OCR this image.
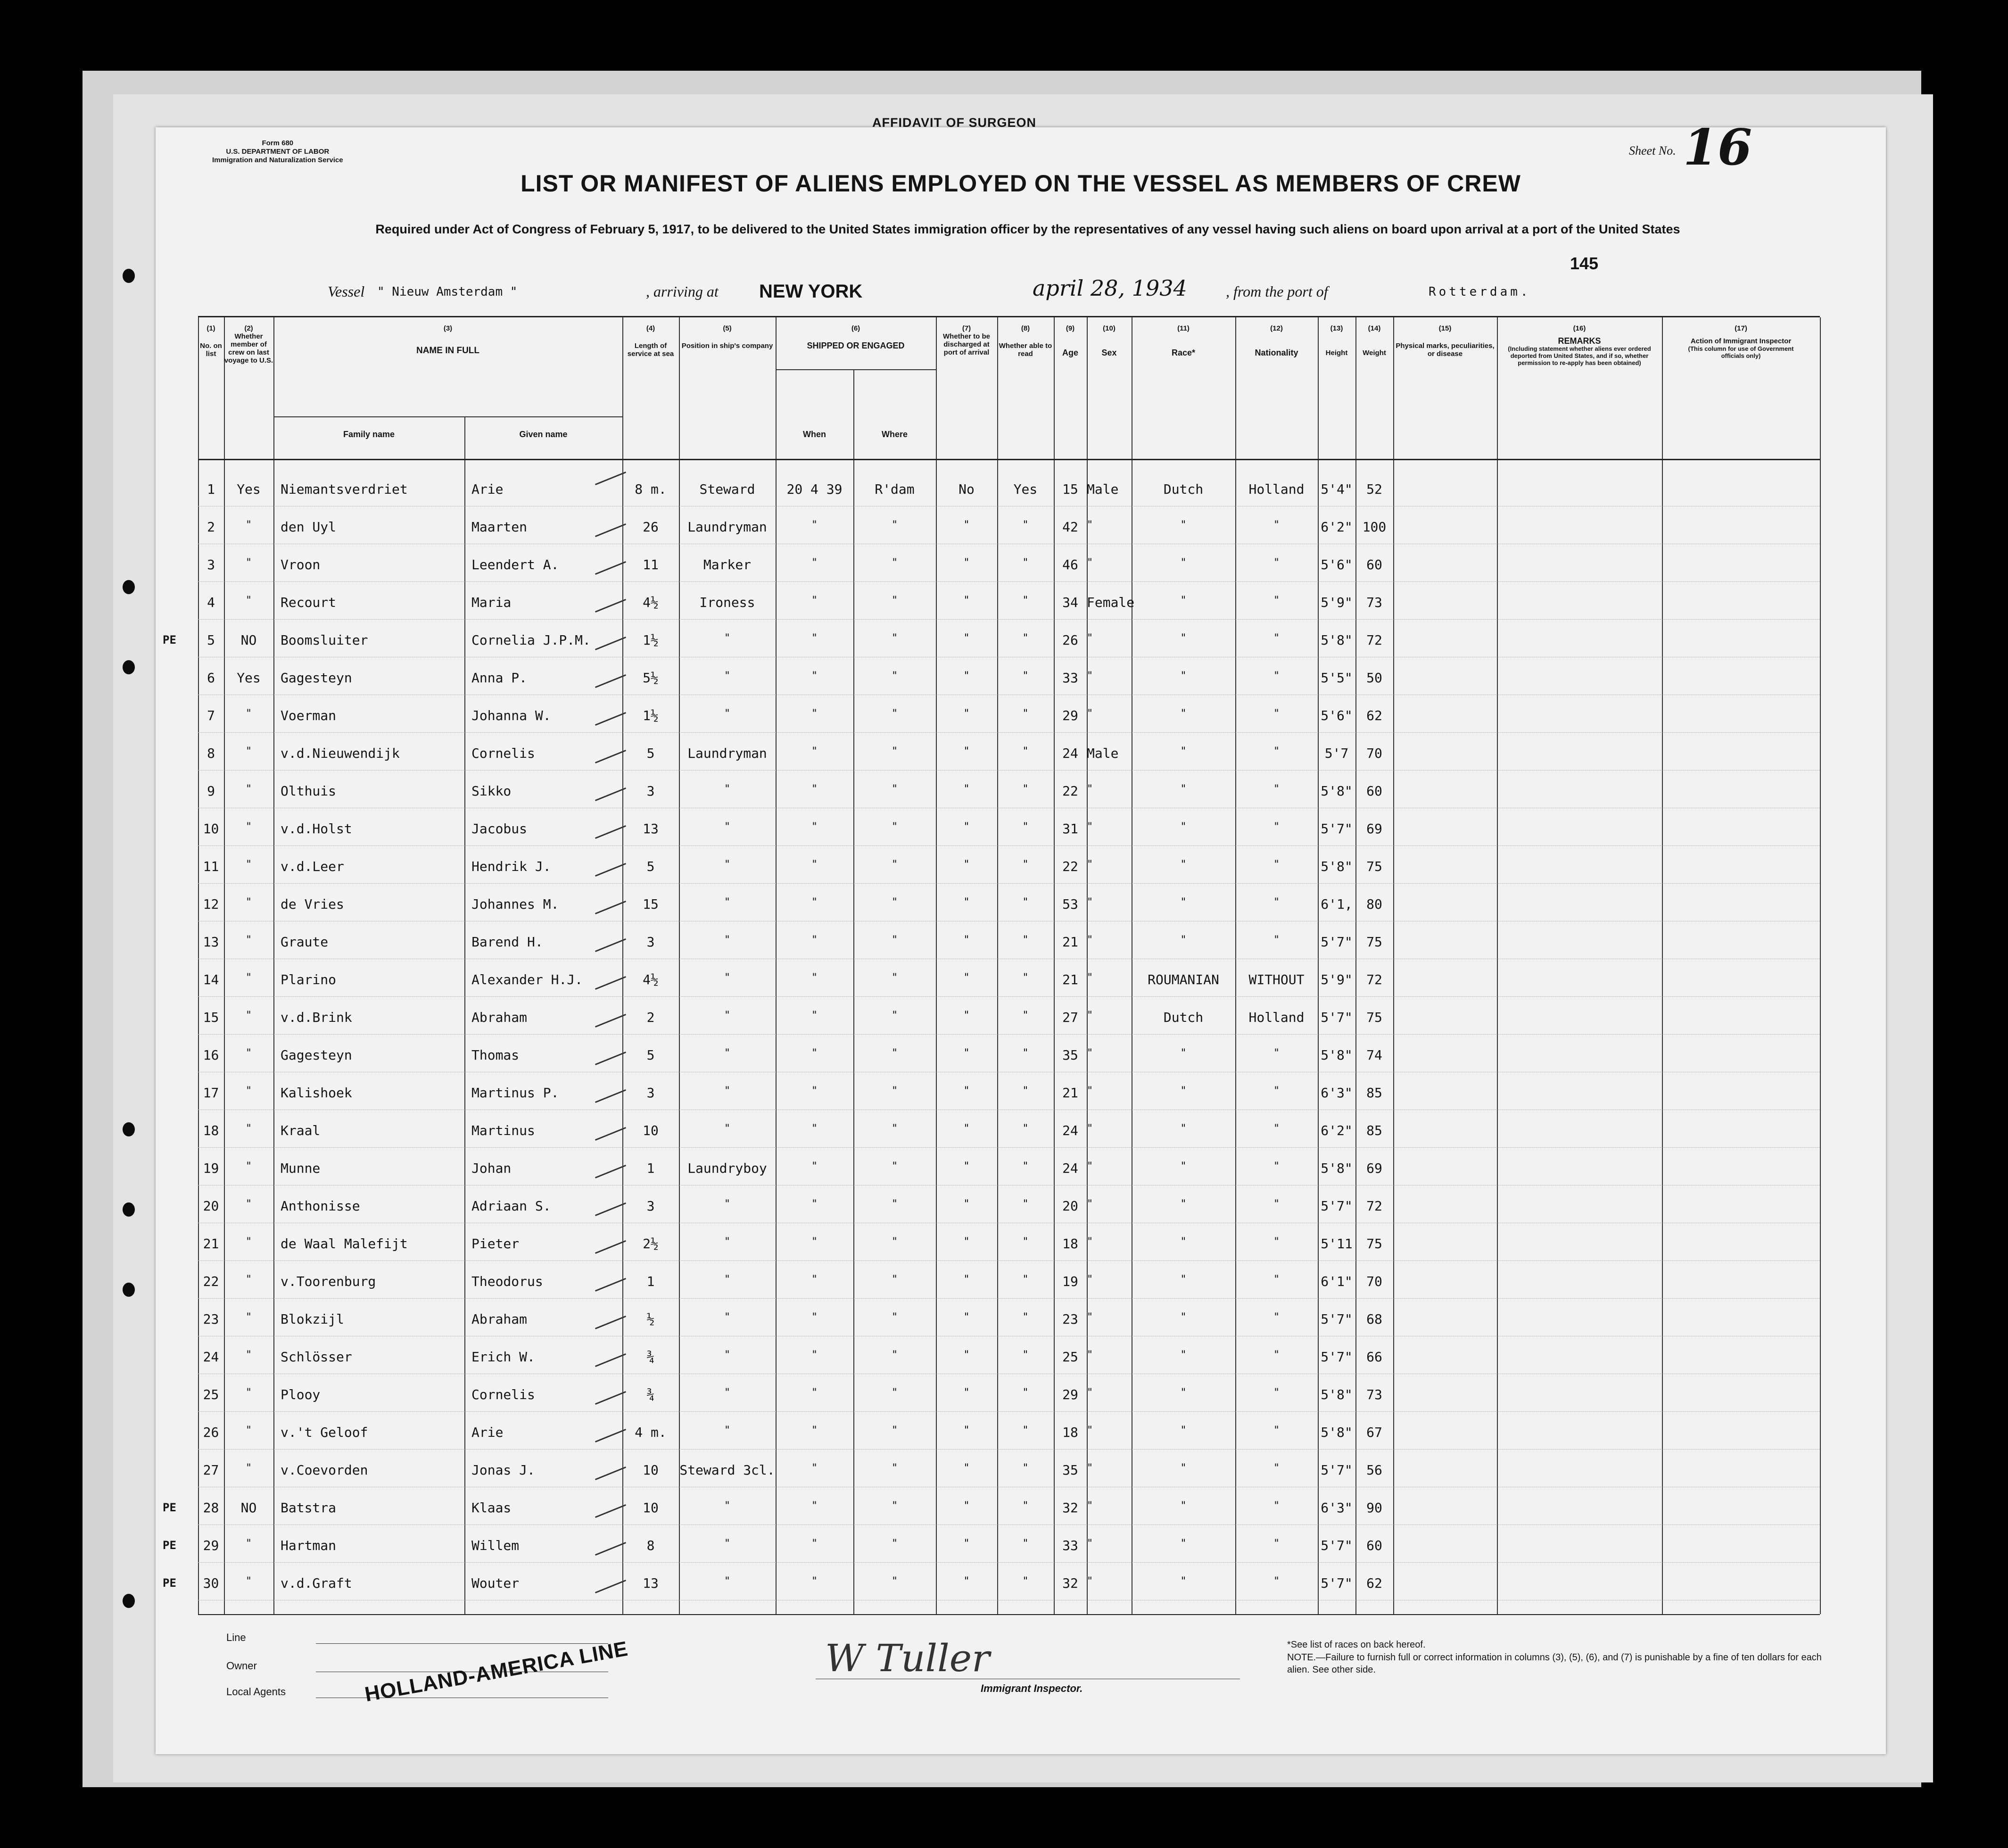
AFFIDAVIT OF SURGEON
Form 680
U.S. DEPARTMENT OF LABOR
Immigration and Naturalization Service
Sheet No. 16
LIST OR MANIFEST OF ALIENS EMPLOYED ON THE VESSEL AS MEMBERS OF CREW
Required under Act of Congress of February 5, 1917, to be delivered to the United States immigration officer by the representatives of any vessel having such aliens on board upon arrival at a port of the United States
145
Vessel " Nieuw Amsterdam "	, arriving at NEW YORK	april 28, 1934	, from the port of	Rotterdam.
(1)
No. on list
(2)
Whether member of crew on last voyage to U.S.
(3)
NAME IN FULL
Family name	Given name
(4)
Length of service at sea
(5)
Position in ship's company
(6)
SHIPPED OR ENGAGED
When	Where
(7)
Whether to be discharged at port of arrival
(8)
Whether able to read
(9)
Age
(10)
Sex
(11)
Race*
(12)
Nationality
(13)
Height
(14)
Weight
(15)
Physical marks, peculiarities, or disease
(16)
REMARKS
(Including statement whether aliens ever ordered deported from United States, and if so, whether permission to re-apply has been obtained)
(17)
Action of Immigrant Inspector
(This column for use of Government officials only)
1	Yes	Niemantsverdriet	Arie	8 m.	Steward	20 4 39	R'dam	No	Yes	15 Male	Dutch	Holland	5'4"	52
2	"	den Uyl	Maarten	26	Laundryman	"	"	"	"	42 "	"	"	6'2" 100
3	"	Vroon	Leendert A.	11	Marker	"	"	"	"	46 "	"	"	5'6"	60
4	"	Recourt	Maria	4½	Ironess	"	"	"	"	34 Female	"	"	5'9"	73
5	NO	Boomsluiter	Cornelia J.P.M.	1½	"	"	"	"	"	26 "	"	"	5'8"	72
PE
6	Yes	Gagesteyn	Anna P.	5½	"	"	"	"	"	33 "	"	"	5'5"	50
7	"	Voerman	Johanna W.	1½	"	"	"	"	"	29 "	"	"	5'6"	62
8	"	v.d.Nieuwendijk	Cornelis	5	Laundryman	"	"	"	"	24 Male	"	"	5'7	70
9	"	Olthuis	Sikko	3	"	"	"	"	"	22 "	"	"	5'8"	60
10	"	v.d.Holst	Jacobus	13	"	"	"	"	"	31 "	"	"	5'7"	69
11	"	v.d.Leer	Hendrik J.	5	"	"	"	"	"	22 "	"	"	5'8"	75
12	"	de Vries	Johannes M.	15	"	"	"	"	"	53 "	"	"	6'1,	80
13	"	Graute	Barend H.	3	"	"	"	"	"	21 "	"	"	5'7"	75
14	"	Plarino	Alexander H.J.	4½	"	"	"	"	"	21 "	ROUMANIAN	WITHOUT	5'9"	72
15	"	v.d.Brink	Abraham	2	"	"	"	"	"	27 "	Dutch	Holland	5'7"	75
16	"	Gagesteyn	Thomas	5	"	"	"	"	"	35 "	"	"	5'8"	74
17	"	Kalishoek	Martinus P.	3	"	"	"	"	"	21 "	"	"	6'3"	85
18	"	Kraal	Martinus	10	"	"	"	"	"	24 "	"	"	6'2"	85
19	"	Munne	Johan	1	Laundryboy	"	"	"	"	24 "	"	"	5'8"	69
20	"	Anthonisse	Adriaan S.	3	"	"	"	"	"	20 "	"	"	5'7"	72
21	"	de Waal Malefijt	Pieter	2½	"	"	"	"	"	18 "	"	"	5'11	75
22	"	v.Toorenburg	Theodorus	1	"	"	"	"	"	19 "	"	"	6'1"	70
23	"	Blokzijl	Abraham	½	"	"	"	"	"	23 "	"	"	5'7"	68
24	"	Schlösser	Erich W.	¾	"	"	"	"	"	25 "	"	"	5'7"	66
25	"	Plooy	Cornelis	¾	"	"	"	"	"	29 "	"	"	5'8"	73
26	"	v.'t Geloof	Arie	4 m.	"	"	"	"	"	18 "	"	"	5'8"	67
27	"	v.Coevorden	Jonas J.	10	Steward 3cl.	"	"	"	"	35 "	"	"	5'7"	56
28	NO	Batstra	Klaas	10	"	"	"	"	"	32 "	"	"	6'3"	90
PE
29	"	Hartman	Willem	8	"	"	"	"	"	33 "	"	"	5'7"	60
PE
30	"	v.d.Graft	Wouter	13	"	"	"	"	"	32 "	"	"	5'7"	62
PE
Line
Owner
Local Agents	HOLLAND-AMERICA LINE	W Tuller
Immigrant Inspector.
*See list of races on back hereof.
NOTE.—Failure to furnish full or correct information in columns (3), (5), (6), and (7) is punishable by a fine of ten dollars for each alien. See other side.
